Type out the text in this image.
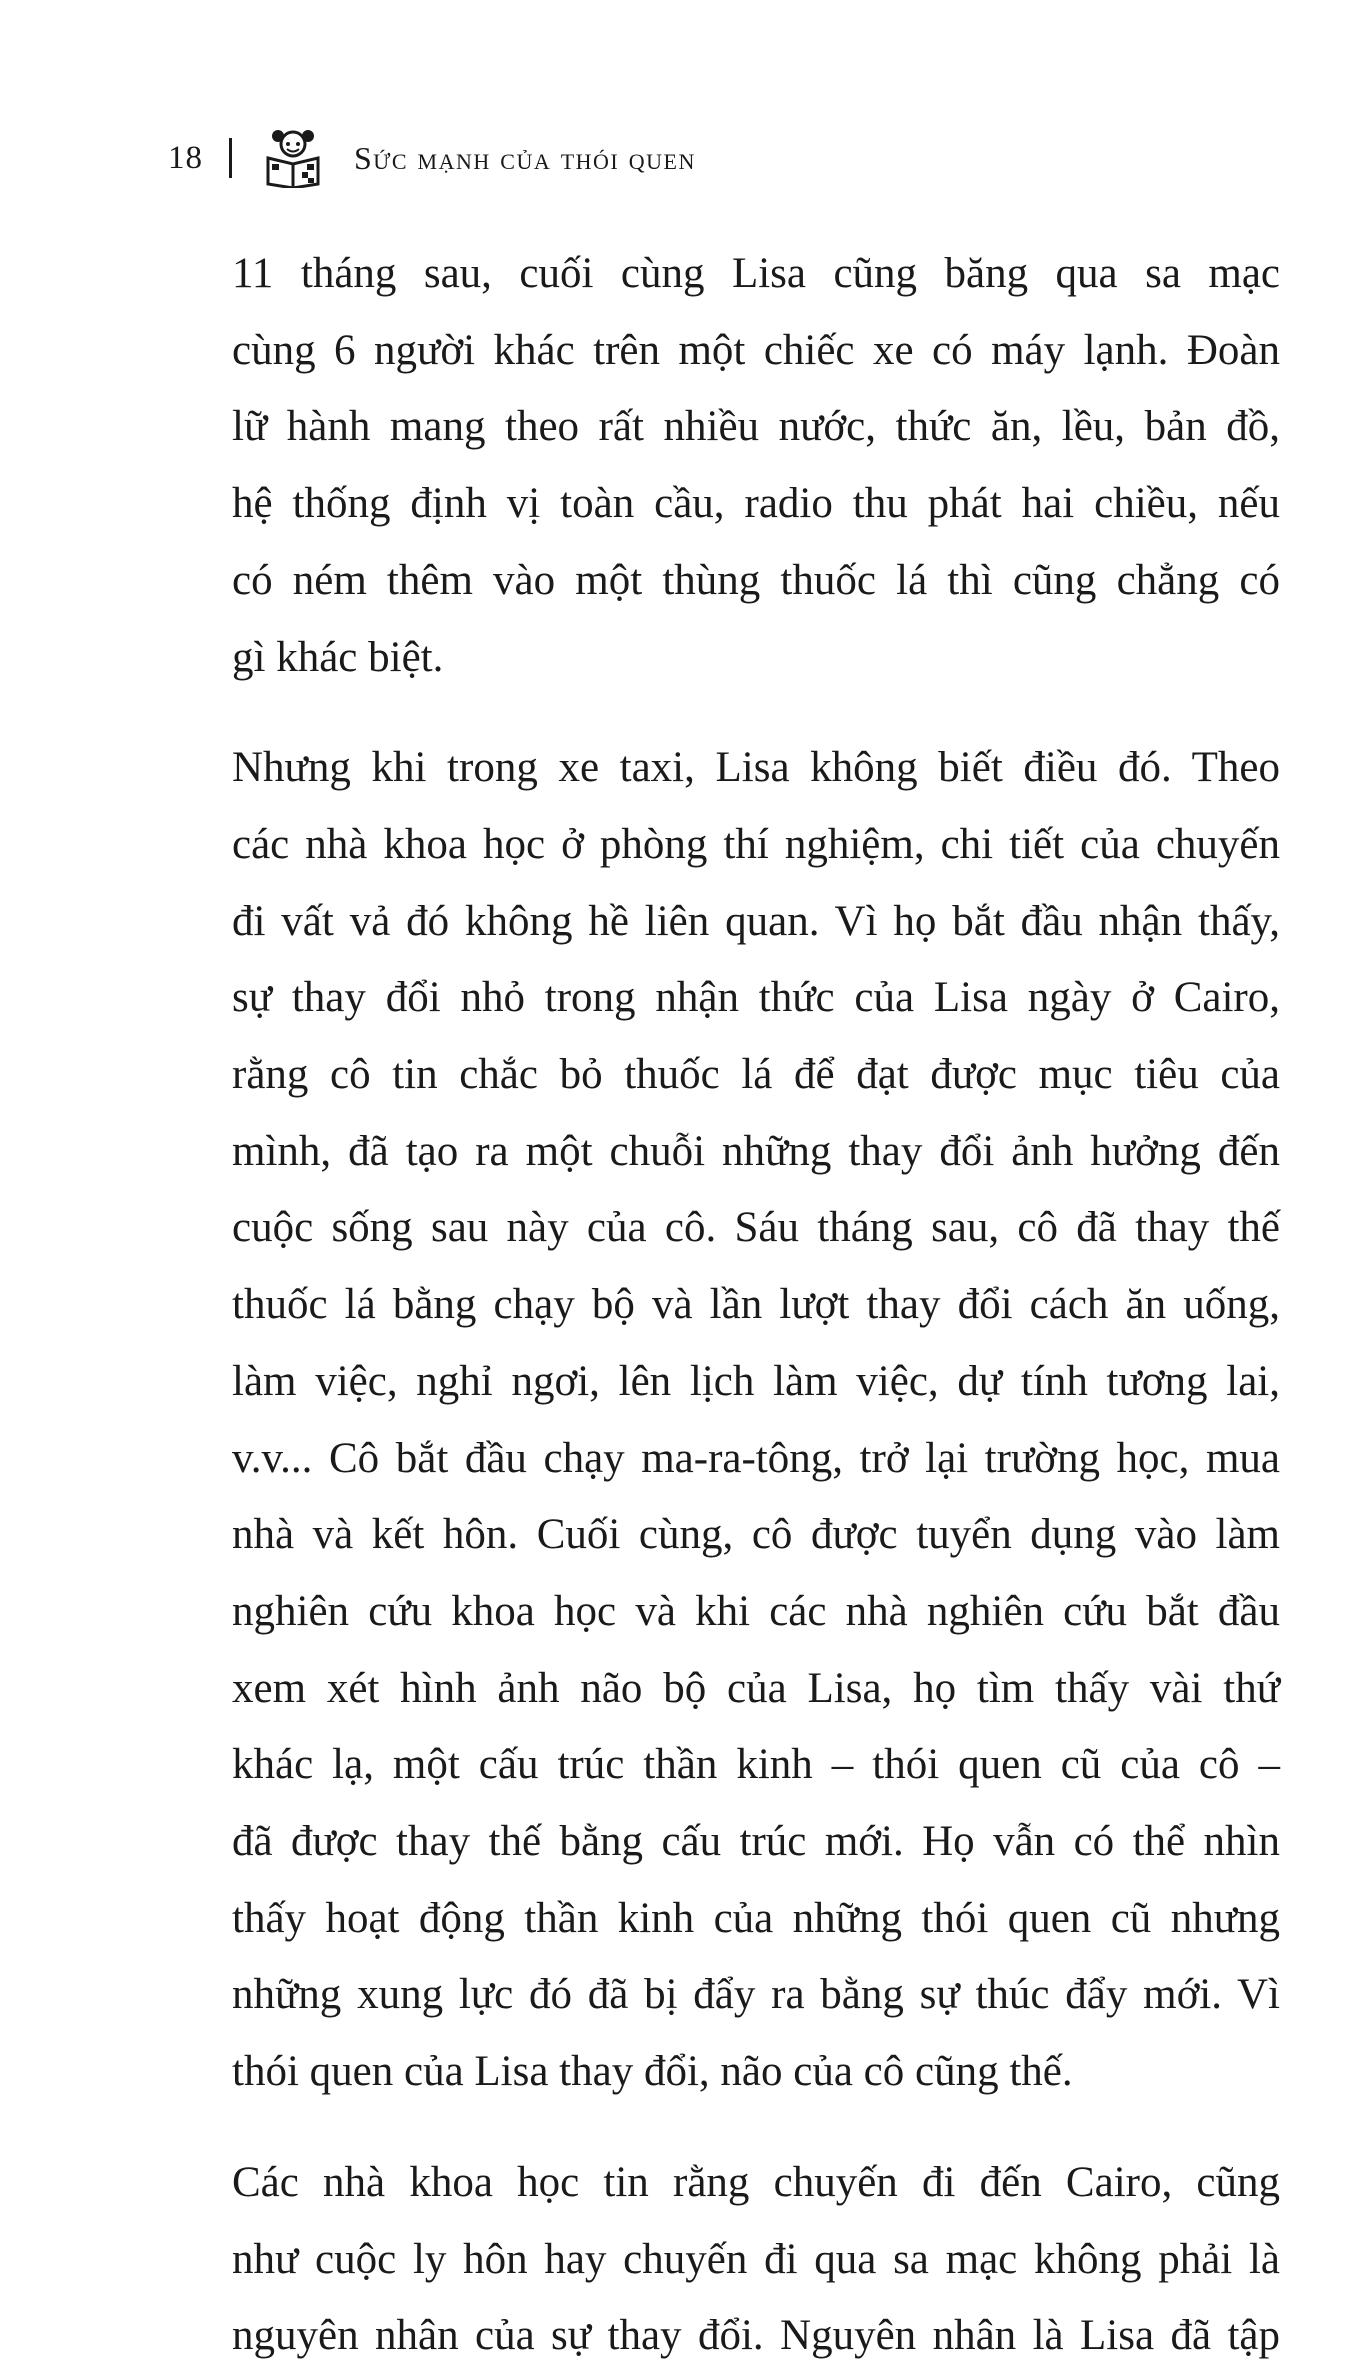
18	Sức mạnh của thói quen
11 tháng sau, cuối cùng Lisa cũng băng qua sa mạc
cùng 6 người khác trên một chiếc xe có máy lạnh. Đoàn
lữ hành mang theo rất nhiều nước, thức ăn, lều, bản đồ,
hệ thống định vị toàn cầu, radio thu phát hai chiều, nếu
có ném thêm vào một thùng thuốc lá thì cũng chẳng có
gì khác biệt.
Nhưng khi trong xe taxi, Lisa không biết điều đó. Theo
các nhà khoa học ở phòng thí nghiệm, chi tiết của chuyến
đi vất vả đó không hề liên quan. Vì họ bắt đầu nhận thấy,
sự thay đổi nhỏ trong nhận thức của Lisa ngày ở Cairo,
rằng cô tin chắc bỏ thuốc lá để đạt được mục tiêu của
mình, đã tạo ra một chuỗi những thay đổi ảnh hưởng đến
cuộc sống sau này của cô. Sáu tháng sau, cô đã thay thế
thuốc lá bằng chạy bộ và lần lượt thay đổi cách ăn uống,
làm việc, nghỉ ngơi, lên lịch làm việc, dự tính tương lai,
v.v... Cô bắt đầu chạy ma-ra-tông, trở lại trường học, mua
nhà và kết hôn. Cuối cùng, cô được tuyển dụng vào làm
nghiên cứu khoa học và khi các nhà nghiên cứu bắt đầu
xem xét hình ảnh não bộ của Lisa, họ tìm thấy vài thứ
khác lạ, một cấu trúc thần kinh – thói quen cũ của cô –
đã được thay thế bằng cấu trúc mới. Họ vẫn có thể nhìn
thấy hoạt động thần kinh của những thói quen cũ nhưng
những xung lực đó đã bị đẩy ra bằng sự thúc đẩy mới. Vì
thói quen của Lisa thay đổi, não của cô cũng thế.
Các nhà khoa học tin rằng chuyến đi đến Cairo, cũng
như cuộc ly hôn hay chuyến đi qua sa mạc không phải là
nguyên nhân của sự thay đổi. Nguyên nhân là Lisa đã tập
